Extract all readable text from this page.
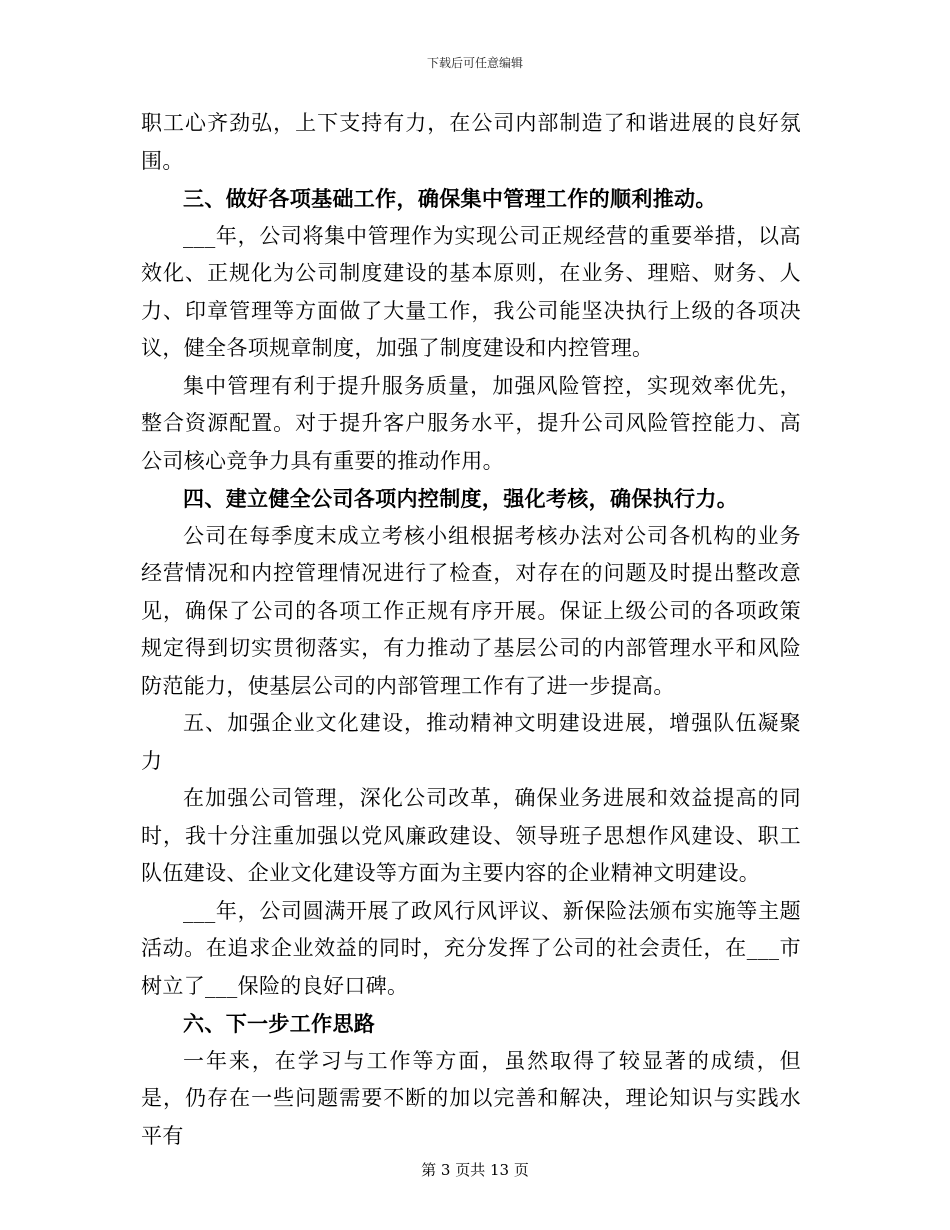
下载后可任意编辑

职工心齐劲弘，上下支持有力，在公司内部制造了和谐进展的良好氛围。

三、做好各项基础工作，确保集中管理工作的顺利推动。

___年，公司将集中管理作为实现公司正规经营的重要举措，以高效化、正规化为公司制度建设的基本原则，在业务、理赔、财务、人力、印章管理等方面做了大量工作，我公司能坚决执行上级的各项决议，健全各项规章制度，加强了制度建设和内控管理。

集中管理有利于提升服务质量，加强风险管控，实现效率优先，整合资源配置。对于提升客户服务水平，提升公司风险管控能力、高公司核心竞争力具有重要的推动作用。

四、建立健全公司各项内控制度，强化考核，确保执行力。

公司在每季度末成立考核小组根据考核办法对公司各机构的业务经营情况和内控管理情况进行了检查，对存在的问题及时提出整改意见，确保了公司的各项工作正规有序开展。保证上级公司的各项政策规定得到切实贯彻落实，有力推动了基层公司的内部管理水平和风险防范能力，使基层公司的内部管理工作有了进一步提高。

五、加强企业文化建设，推动精神文明建设进展，增强队伍凝聚力

在加强公司管理，深化公司改革，确保业务进展和效益提高的同时，我十分注重加强以党风廉政建设、领导班子思想作风建设、职工队伍建设、企业文化建设等方面为主要内容的企业精神文明建设。

___年，公司圆满开展了政风行风评议、新保险法颁布实施等主题活动。在追求企业效益的同时，充分发挥了公司的社会责任，在___市树立了___保险的良好口碑。

六、下一步工作思路

一年来，在学习与工作等方面，虽然取得了较显著的成绩，但是，仍存在一些问题需要不断的加以完善和解决，理论知识与实践水平有

第 3 页共 13 页
